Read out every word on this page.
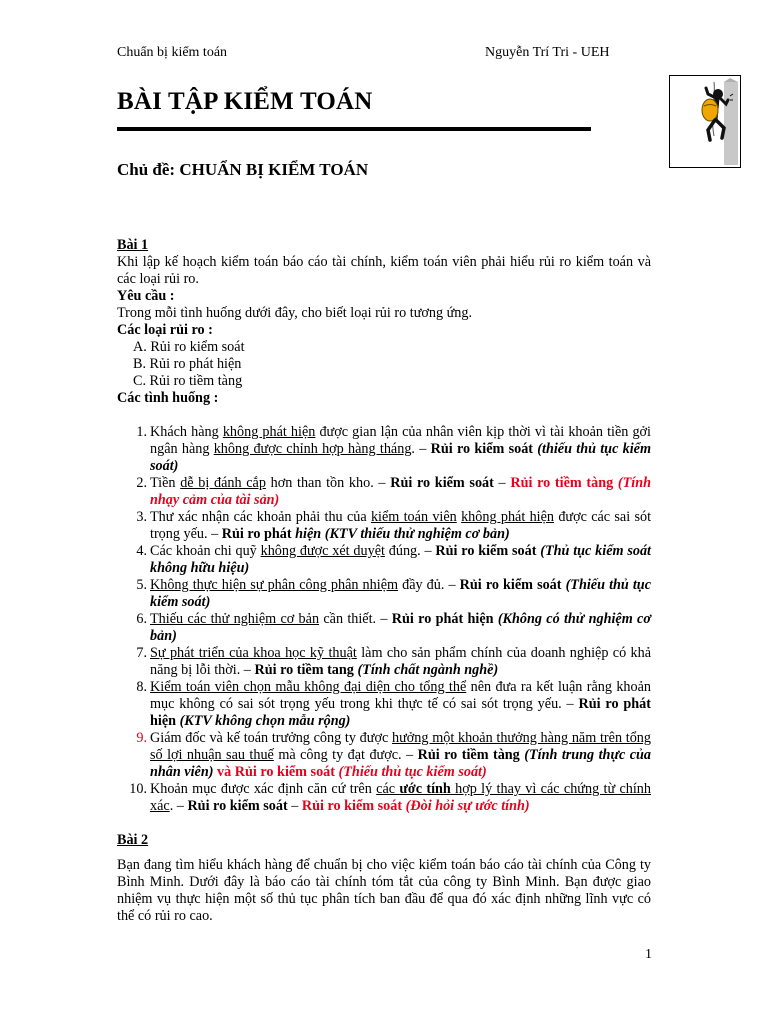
Chuẩn bị kiểm toán	Nguyễn Trí Tri - UEH
BÀI TẬP KIỂM TOÁN
Chủ đề: CHUẨN BỊ KIỂM TOÁN

Bài 1

Khi lập kế hoạch kiểm toán báo cáo tài chính, kiểm toán viên phải hiểu rủi ro kiểm toán và các loại rủi ro.

Yêu cầu :

Trong mỗi tình huống dưới đây, cho biết loại rủi ro tương ứng.

Các loại rủi ro :

A. Rủi ro kiểm soát
B. Rủi ro phát hiện
C. Rủi ro tiềm tàng

Các tình huống :

1. Khách hàng không phát hiện được gian lận của nhân viên kịp thời vì tài khoản tiền gởi ngân hàng không được chỉnh hợp hàng tháng. – Rủi ro kiểm soát (thiếu thủ tục kiểm soát)
2. Tiền dễ bị đánh cắp hơn than tồn kho. – Rủi ro kiểm soát – Rủi ro tiềm tàng (Tính nhạy cảm của tài sản)
3. Thư xác nhận các khoản phải thu của kiểm toán viên không phát hiện được các sai sót trọng yếu. – Rủi ro phát hiện (KTV thiếu thử nghiệm cơ bản)
4. Các khoản chi quỹ không được xét duyệt đúng. – Rủi ro kiểm soát (Thủ tục kiểm soát không hữu hiệu)
5. Không thực hiện sự phân công phân nhiệm đầy đủ. – Rủi ro kiểm soát (Thiếu thủ tục kiểm soát)
6. Thiếu các thử nghiệm cơ bản cần thiết. – Rủi ro phát hiện (Không có thử nghiệm cơ bản)
7. Sự phát triển của khoa học kỹ thuật làm cho sản phẩm chính của doanh nghiệp có khả năng bị lỗi thời. – Rủi ro tiềm tang (Tính chất ngành nghề)
8. Kiểm toán viên chọn mẫu không đại diện cho tổng thể nên đưa ra kết luận rằng khoản mục không có sai sót trọng yếu trong khi thực tế có sai sót trọng yếu. – Rủi ro phát hiện (KTV không chọn mẫu rộng)
9. Giám đốc và kế toán trưởng công ty được hưởng một khoản thưởng hàng năm trên tổng số lợi nhuận sau thuế mà công ty đạt được. – Rủi ro tiềm tàng (Tính trung thực của nhân viên) và Rủi ro kiểm soát (Thiếu thủ tục kiểm soát)
10. Khoản mục được xác định căn cứ trên các ước tính hợp lý thay vì các chứng từ chính xác. – Rủi ro kiểm soát – Rủi ro kiểm soát (Đòi hỏi sự ước tính)

Bài 2

Bạn đang tìm hiểu khách hàng để chuẩn bị cho việc kiểm toán báo cáo tài chính của Công ty Bình Minh. Dưới đây là báo cáo tài chính tóm tắt của công ty Bình Minh. Bạn được giao nhiệm vụ thực hiện một số thủ tục phân tích ban đầu để qua đó xác định những lĩnh vực có thể có rủi ro cao.

1
